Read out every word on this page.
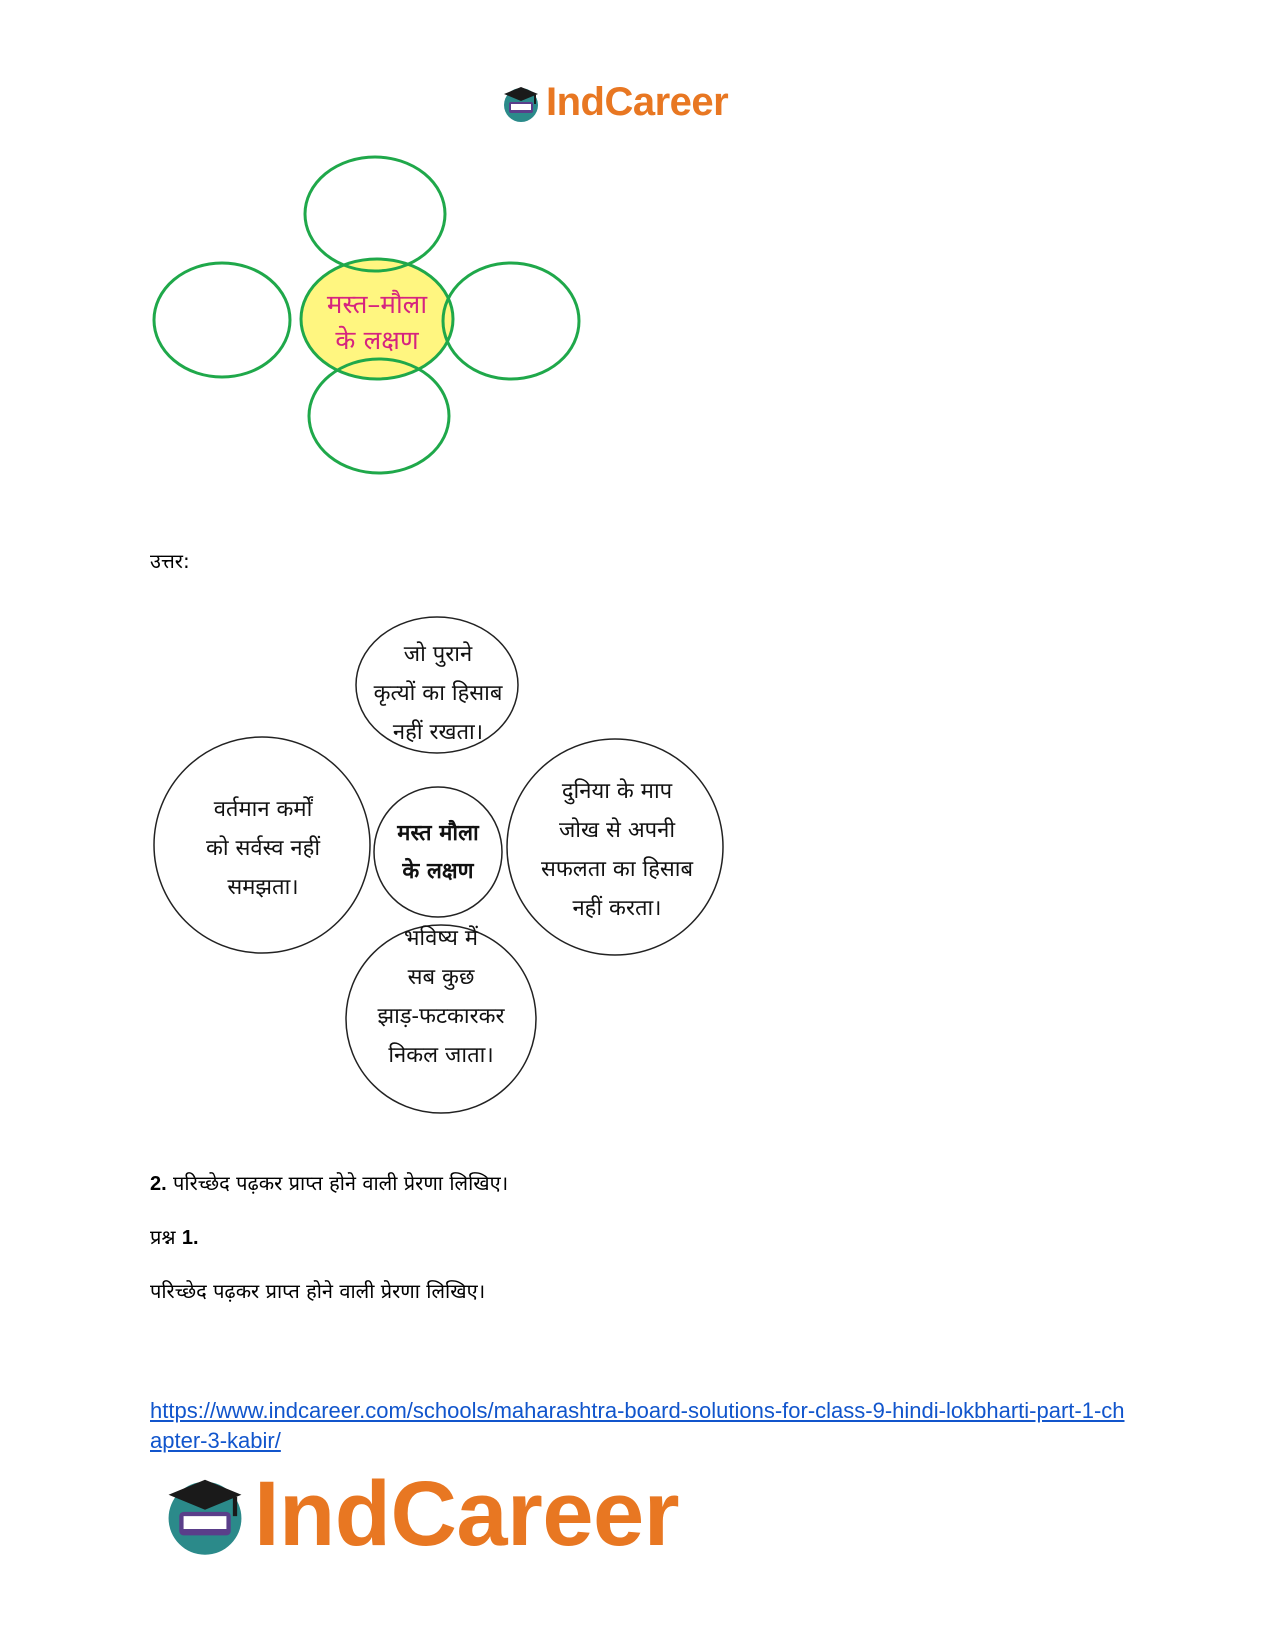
IndCareer
मस्त–मौला
के लक्षण
उत्तर:
मस्त मौला
के लक्षण
जो पुराने
कृत्यों का हिसाब
नहीं रखता।
वर्तमान कर्मों
को सर्वस्व नहीं
समझता।
दुनिया के माप
जोख से अपनी
सफलता का हिसाब
नहीं करता।
भविष्य में
सब कुछ
झाड़-फटकारकर
निकल जाता।
2. परिच्छेद पढ़कर प्राप्त होने वाली प्रेरणा लिखिए।
प्रश्न 1.
परिच्छेद पढ़कर प्राप्त होने वाली प्रेरणा लिखिए।
https://www.indcareer.com/schools/maharashtra-board-solutions-for-class-9-hindi-lokbharti-part-1-chapter-3-kabir/
IndCareer
